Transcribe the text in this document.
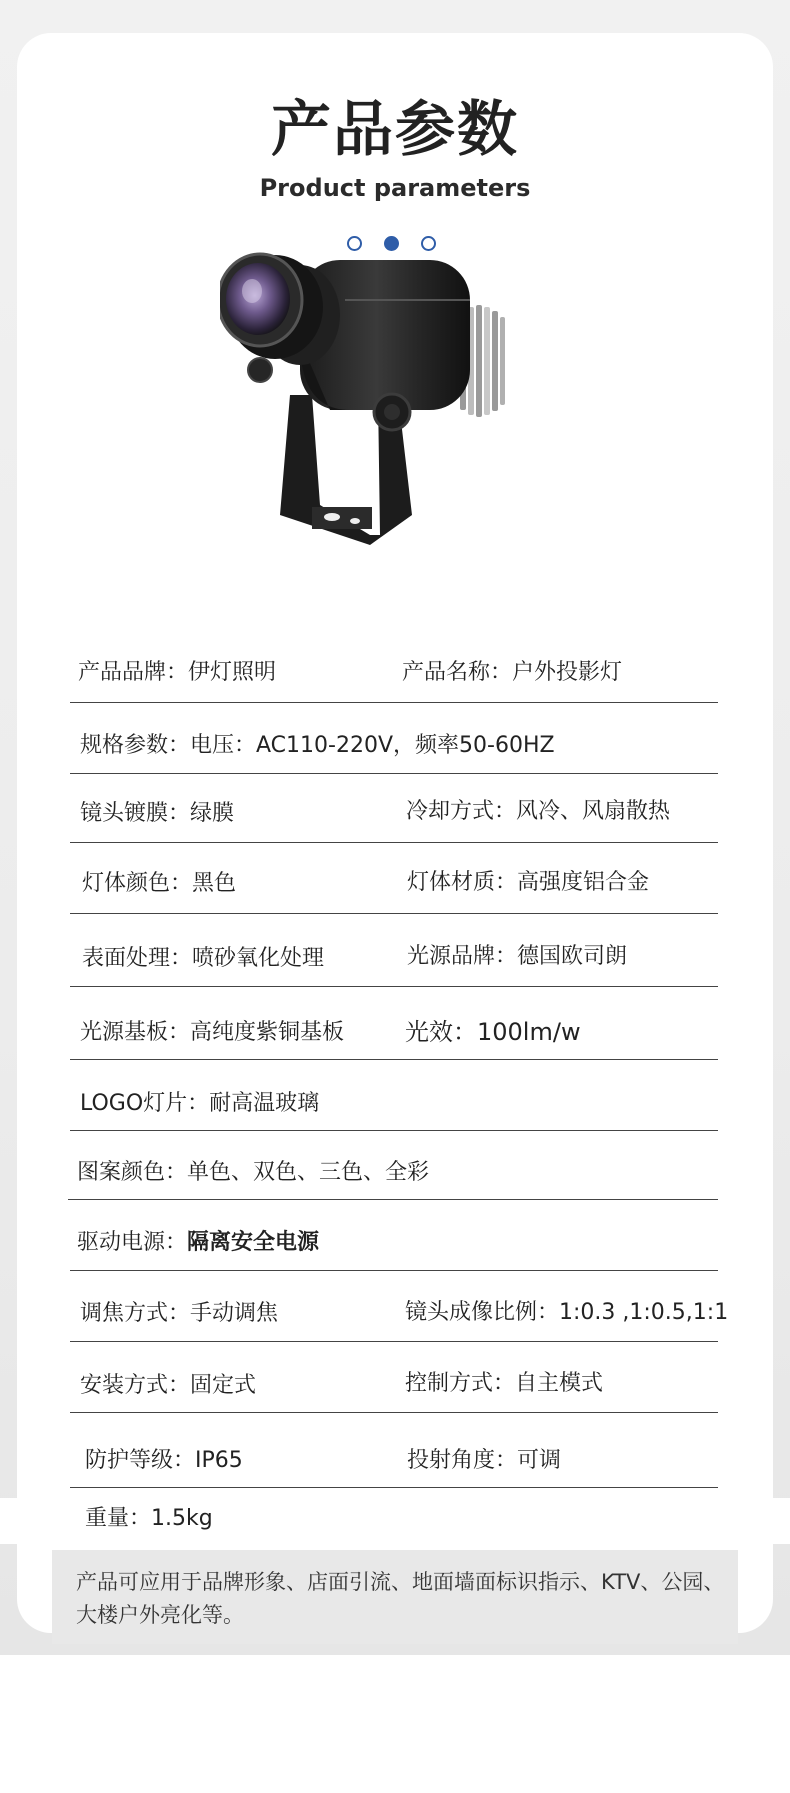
产品参数
Product parameters
产品品牌：伊灯照明	产品名称：户外投影灯
规格参数：电压：AC110-220V，频率50-60HZ
镜头镀膜：绿膜	冷却方式：风冷、风扇散热
灯体颜色：黑色	灯体材质：高强度铝合金
表面处理：喷砂氧化处理	光源品牌：德国欧司朗
光源基板：高纯度紫铜基板	光效：100lm/w
LOGO灯片：耐高温玻璃
图案颜色：单色、双色、三色、全彩
驱动电源：隔离安全电源
调焦方式：手动调焦	镜头成像比例：1:0.3 ,1:0.5,1:1
安装方式：固定式	控制方式：自主模式
防护等级：IP65	投射角度：可调
重量：1.5kg
产品可应用于品牌形象、店面引流、地面墙面标识指示、KTV、公园、大楼户外亮化等。
